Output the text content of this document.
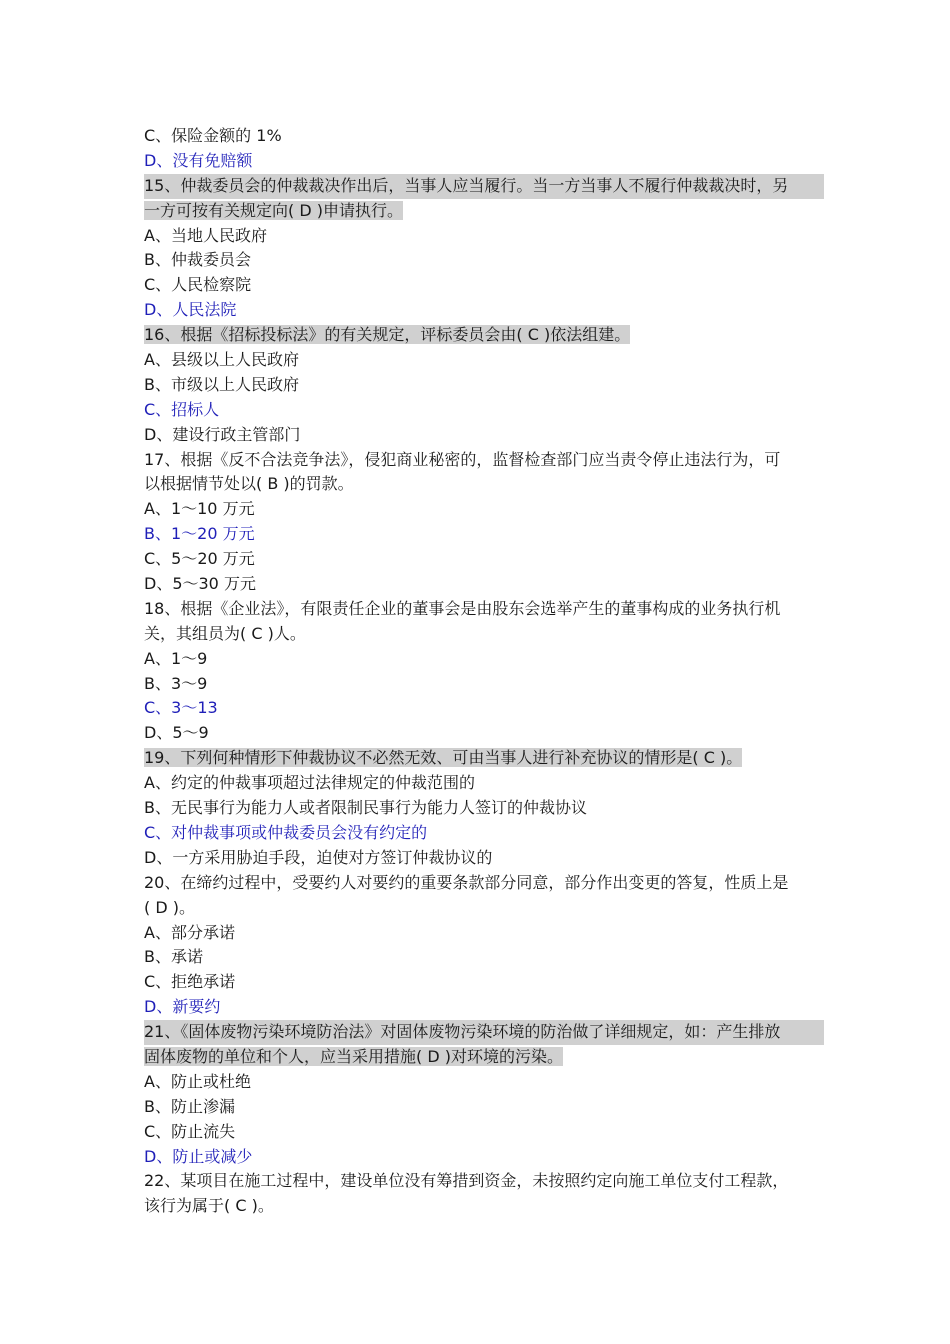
C、保险金额的 1%
D、没有免赔额
15、仲裁委员会的仲裁裁决作出后，当事人应当履行。当一方当事人不履行仲裁裁决时，另
一方可按有关规定向( D )申请执行。
A、当地人民政府
B、仲裁委员会
C、人民检察院
D、人民法院
16、根据《招标投标法》的有关规定，评标委员会由( C )依法组建。
A、县级以上人民政府
B、市级以上人民政府
C、招标人
D、建设行政主管部门
17、根据《反不合法竞争法》，侵犯商业秘密的，监督检查部门应当责令停止违法行为，可
以根据情节处以( B )的罚款。
A、1～10 万元
B、1～20 万元
C、5～20 万元
D、5～30 万元
18、根据《企业法》，有限责任企业的董事会是由股东会选举产生的董事构成的业务执行机
关，其组员为( C )人。
A、1～9
B、3～9
C、3～13
D、5～9
19、下列何种情形下仲裁协议不必然无效、可由当事人进行补充协议的情形是( C )。
A、约定的仲裁事项超过法律规定的仲裁范围的
B、无民事行为能力人或者限制民事行为能力人签订的仲裁协议
C、对仲裁事项或仲裁委员会没有约定的
D、一方采用胁迫手段，迫使对方签订仲裁协议的
20、在缔约过程中，受要约人对要约的重要条款部分同意，部分作出变更的答复，性质上是
( D )。
A、部分承诺
B、承诺
C、拒绝承诺
D、新要约
21、《固体废物污染环境防治法》对固体废物污染环境的防治做了详细规定，如：产生排放
固体废物的单位和个人，应当采用措施( D )对环境的污染。
A、防止或杜绝
B、防止渗漏
C、防止流失
D、防止或减少
22、某项目在施工过程中，建设单位没有筹措到资金，未按照约定向施工单位支付工程款，
该行为属于( C )。
